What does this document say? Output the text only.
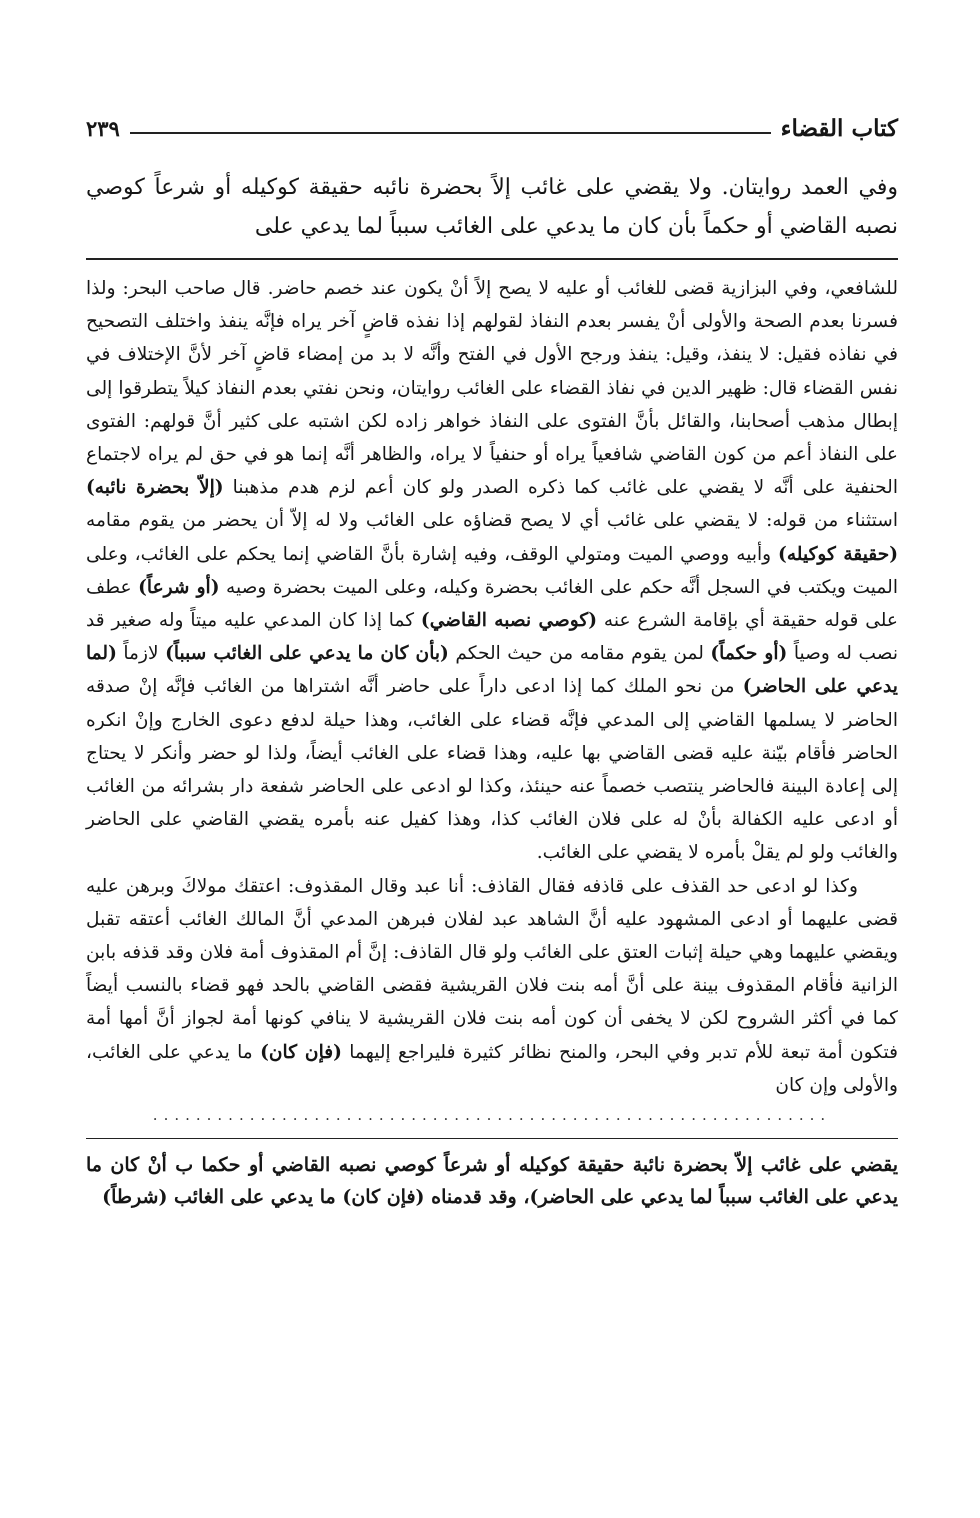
كتاب القضاء
٢٣٩
وفي العمد روايتان. ولا يقضي على غائب إلاً بحضرة نائبه حقيقة كوكيله أو شرعاً كوصي نصبه القاضي أو حكماً بأن كان ما يدعي على الغائب سبباً لما يدعي على

للشافعي، وفي البزازية قضى للغائب أو عليه لا يصح إلاً أنْ يكون عند خصم حاضر. قال صاحب البحر: ولذا فسرنا بعدم الصحة والأولى أنْ يفسر بعدم النفاذ لقولهم إذا نفذه قاضٍ آخر يراه فإنَّه ينفذ واختلف التصحيح في نفاذه فقيل: لا ينفذ، وقيل: ينفذ ورجح الأول في الفتح وأنَّه لا بد من إمضاء قاضٍ آخر لأنَّ الإختلاف في نفس القضاء قال: ظهير الدين في نفاذ القضاء على الغائب روايتان، ونحن نفتي بعدم النفاذ كيلاً يتطرقوا إلى إبطال مذهب أصحابنا، والقائل بأنَّ الفتوى على النفاذ خواهر زاده لكن اشتبه على كثير أنَّ قولهم: الفتوى على النفاذ أعم من كون القاضي شافعياً يراه أو حنفياً لا يراه، والظاهر أنَّه إنما هو في حق لم يراه لاجتماع الحنفية على أنَّه لا يقضي على غائب كما ذكره الصدر ولو كان أعم لزم هدم مذهبنا (إلاّ بحضرة نائبه) استثناء من قوله: لا يقضي على غائب أي لا يصح قضاؤه على الغائب ولا له إلاّ أن يحضر من يقوم مقامه (حقيقة كوكيله) وأبيه ووصي الميت ومتولي الوقف، وفيه إشارة بأنَّ القاضي إنما يحكم على الغائب، وعلى الميت ويكتب في السجل أنَّه حكم على الغائب بحضرة وكيله، وعلى الميت بحضرة وصيه (أو شرعاً) عطف على قوله حقيقة أي بإقامة الشرع عنه (كوصي نصبه القاضي) كما إذا كان المدعي عليه ميتاً وله صغير قد نصب له وصياً (أو حكماً) لمن يقوم مقامه من حيث الحكم (بأن كان ما يدعي على الغائب سبباً) لازماً (لما يدعي على الحاضر) من نحو الملك كما إذا ادعى داراً على حاضر أنَّه اشتراها من الغائب فإنَّه إنْ صدقه الحاضر لا يسلمها القاضي إلى المدعي فإنَّه قضاء على الغائب، وهذا حيلة لدفع دعوى الخارج وإنْ انكره الحاضر فأقام بيّنة عليه قضى القاضي بها عليه، وهذا قضاء على الغائب أيضاً، ولذا لو حضر وأنكر لا يحتاج إلى إعادة البينة فالحاضر ينتصب خصماً عنه حينئذ، وكذا لو ادعى على الحاضر شفعة دار بشرائه من الغائب أو ادعى عليه الكفالة بأنْ له على فلان الغائب كذا، وهذا كفيل عنه بأمره يقضي القاضي على الحاضر والغائب ولو لم يقلْ بأمره لا يقضي على الغائب.

وكذا لو ادعى حد القذف على قاذفه فقال القاذف: أنا عبد وقال المقذوف: اعتقك مولاكَ وبرهن عليه قضى عليهما أو ادعى المشهود عليه أنَّ الشاهد عبد لفلان فبرهن المدعي أنَّ المالك الغائب أعتقه تقبل ويقضي عليهما وهي حيلة إثبات العتق على الغائب ولو قال القاذف: إنَّ أم المقذوف أمة فلان وقد قذفه بابن الزانية فأقام المقذوف بينة على أنَّ أمه بنت فلان القريشية فقضى القاضي بالحد فهو قضاء بالنسب أيضاً كما في أكثر الشروح لكن لا يخفى أن كون أمه بنت فلان القريشية لا ينافي كونها أمة لجواز أنَّ أمها أمة فتكون أمة تبعة للأم تدبر وفي البحر، والمنح نظائر كثيرة فليراجع إليهما (فإن كان) ما يدعي على الغائب، والأولى وإن كان

...............................................................
يقضي على غائب إلاّ بحضرة نائبة حقيقة كوكيله أو شرعاً كوصي نصبه القاضي أو حكما ب أنْ كان ما يدعي على الغائب سبباً لما يدعي على الحاضر)، وقد قدمناه (فإن كان) ما يدعي على الغائب (شرطاً)
